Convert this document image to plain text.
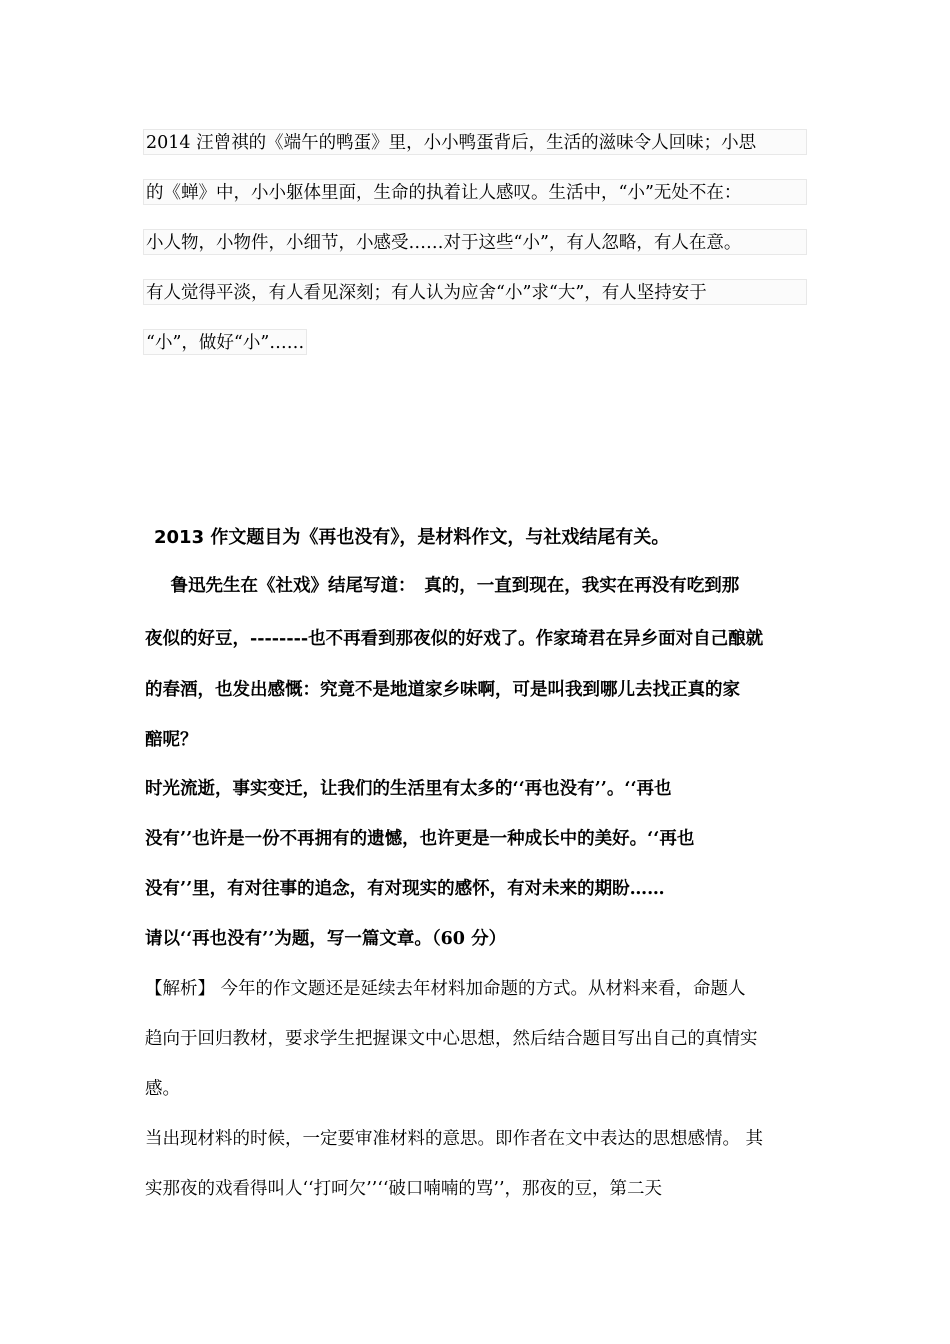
2014 汪曾祺的《端午的鸭蛋》里，小小鸭蛋背后，生活的滋味令人回味；小思
的《蝉》中，小小躯体里面，生命的执着让人感叹。生活中，“小”无处不在：
小人物，小物件，小细节，小感受……对于这些“小”，有人忽略，有人在意。
有人觉得平淡，有人看见深刻；有人认为应舍“小”求“大”，有人坚持安于
“小”，做好“小”……
2013 作文题目为《再也没有》，是材料作文，与社戏结尾有关。
　鲁迅先生在《社戏》结尾写道：　真的，一直到现在，我实在再没有吃到那
夜似的好豆，--------也不再看到那夜似的好戏了。作家琦君在异乡面对自己酿就
的春酒，也发出感慨：究竟不是地道家乡味啊，可是叫我到哪儿去找正真的家
醅呢？
时光流逝，事实变迁，让我们的生活里有太多的‘‘再也没有’’。‘‘再也
没有’’也许是一份不再拥有的遗憾，也许更是一种成长中的美好。‘‘再也
没有’’里，有对往事的追念，有对现实的感怀，有对未来的期盼……
请以‘‘再也没有’’为题，写一篇文章。（60 分）
【解析】 今年的作文题还是延续去年材料加命题的方式。从材料来看，命题人
趋向于回归教材，要求学生把握课文中心思想，然后结合题目写出自己的真情实
感。
当出现材料的时候，一定要审准材料的意思。即作者在文中表达的思想感情。 其
实那夜的戏看得叫人‘‘打呵欠’’‘‘破口喃喃的骂’’，那夜的豆，第二天
